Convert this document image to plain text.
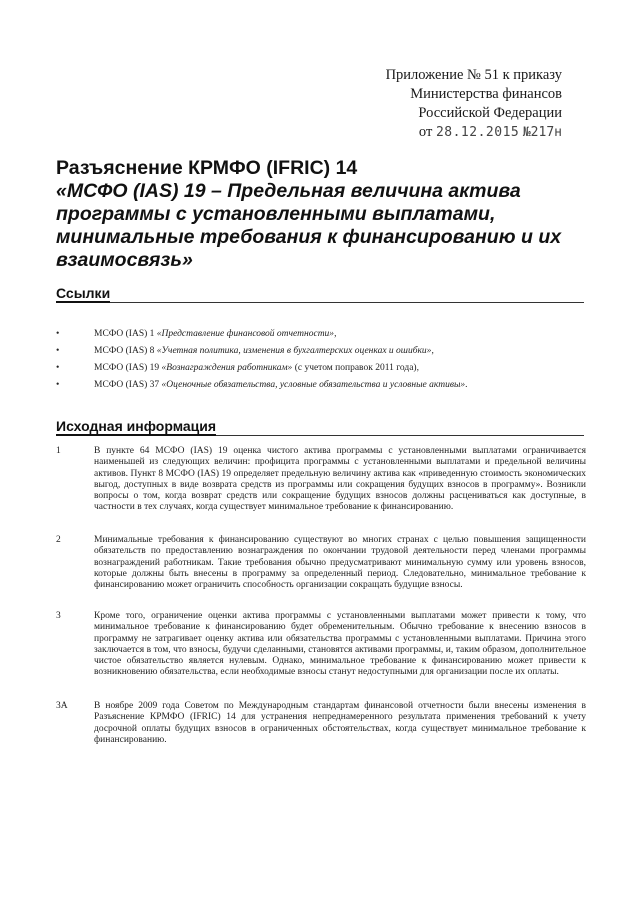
Приложение № 51 к приказу
Министерства финансов
Российской Федерации
от 28.12.2015 №217н
Разъяснение КРМФО (IFRIC) 14
«МСФО (IAS) 19 – Предельная величина актива программы с установленными выплатами, минимальные требования к финансированию и их взаимосвязь»
Ссылки
•	МСФО (IAS) 1 «Представление финансовой отчетности»,
•	МСФО (IAS) 8 «Учетная политика, изменения в бухгалтерских оценках и ошибки»,
•	МСФО (IAS) 19 «Вознаграждения работникам» (с учетом поправок 2011 года),
•	МСФО (IAS) 37 «Оценочные обязательства, условные обязательства и условные активы».
Исходная информация
1	В пункте 64 МСФО (IAS) 19 оценка чистого актива программы с установленными выплатами ограничивается наименьшей из следующих величин: профицита программы с установленными выплатами и предельной величины активов. Пункт 8 МСФО (IAS) 19 определяет предельную величину актива как «приведенную стоимость экономических выгод, доступных в виде возврата средств из программы или сокращения будущих взносов в программу». Возникли вопросы о том, когда возврат средств или сокращение будущих взносов должны расцениваться как доступные, в частности в тех случаях, когда существует минимальное требование к финансированию.
2	Минимальные требования к финансированию существуют во многих странах с целью повышения защищенности обязательств по предоставлению вознаграждения по окончании трудовой деятельности перед членами программы вознаграждений работникам. Такие требования обычно предусматривают минимальную сумму или уровень взносов, которые должны быть внесены в программу за определенный период. Следовательно, минимальное требование к финансированию может ограничить способность организации сокращать будущие взносы.
3	Кроме того, ограничение оценки актива программы с установленными выплатами может привести к тому, что минимальное требование к финансированию будет обременительным. Обычно требование к внесению взносов в программу не затрагивает оценку актива или обязательства программы с установленными выплатами. Причина этого заключается в том, что взносы, будучи сделанными, становятся активами программы, и, таким образом, дополнительное чистое обязательство является нулевым. Однако, минимальное требование к финансированию может привести к возникновению обязательства, если необходимые взносы станут недоступными для организации после их оплаты.
3A	В ноябре 2009 года Советом по Международным стандартам финансовой отчетности были внесены изменения в Разъяснение КРМФО (IFRIC) 14 для устранения непреднамеренного результата применения требований к учету досрочной оплаты будущих взносов в ограниченных обстоятельствах, когда существует минимальное требование к финансированию.
